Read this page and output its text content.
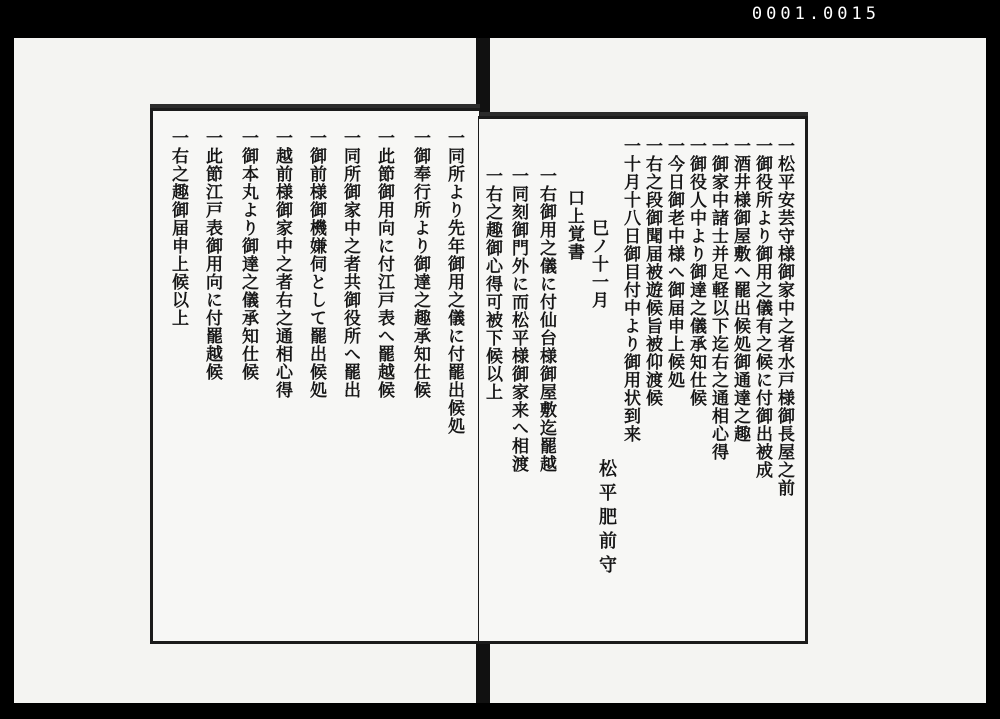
0001.0015
一同所より先年御用之儀に付罷出候処
一御奉行所より御達之趣承知仕候
一此節御用向に付江戸表へ罷越候
一同所御家中之者共御役所へ罷出
一御前様御機嫌伺として罷出候処
一越前様御家中之者右之通相心得
一御本丸より御達之儀承知仕候
一此節江戸表御用向に付罷越候
一右之趣御届申上候以上	一松平安芸守様御家中之者水戸様御長屋之前
一御役所より御用之儀有之候に付御出被成
一酒井様御屋敷へ罷出候処御通達之趣
一御家中諸士并足軽以下迄右之通相心得
一御役人中より御達之儀承知仕候
一今日御老中様へ御届申上候処
一右之段御聞届被遊候旨被仰渡候
一十月十八日御目付中より御用状到来
松平肥前守
巳ノ十一月
口上覚書
一右御用之儀に付仙台様御屋敷迄罷越
一同刻御門外に而松平様御家来へ相渡
一右之趣御心得可被下候以上
